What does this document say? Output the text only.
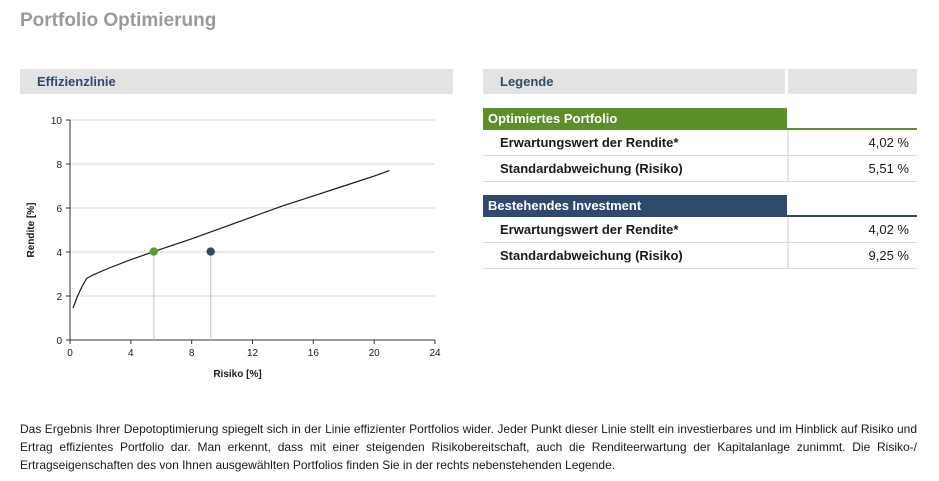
Portfolio Optimierung
Effizienzlinie	Legende
0
2
4
6
8
10
0	4	8	12	16	20	24
Risiko [%]
Rendite [%]
Optimiertes Portfolio
Erwartungswert der Rendite*	4,02 %
Standardabweichung (Risiko)	5,51 %
Bestehendes Investment
Erwartungswert der Rendite*	4,02 %
Standardabweichung (Risiko)	9,25 %
Das Ergebnis Ihrer Depotoptimierung spiegelt sich in der Linie effizienter Portfolios wider. Jeder Punkt dieser Linie stellt ein investierbares und im Hinblick auf Risiko und Ertrag effizientes Portfolio dar. Man erkennt, dass mit einer steigenden Risikobereitschaft, auch die Renditeerwartung der Kapitalanlage zunimmt. Die Risiko-/ Ertragseigenschaften des von Ihnen ausgewählten Portfolios finden Sie in der rechts nebenstehenden Legende.
